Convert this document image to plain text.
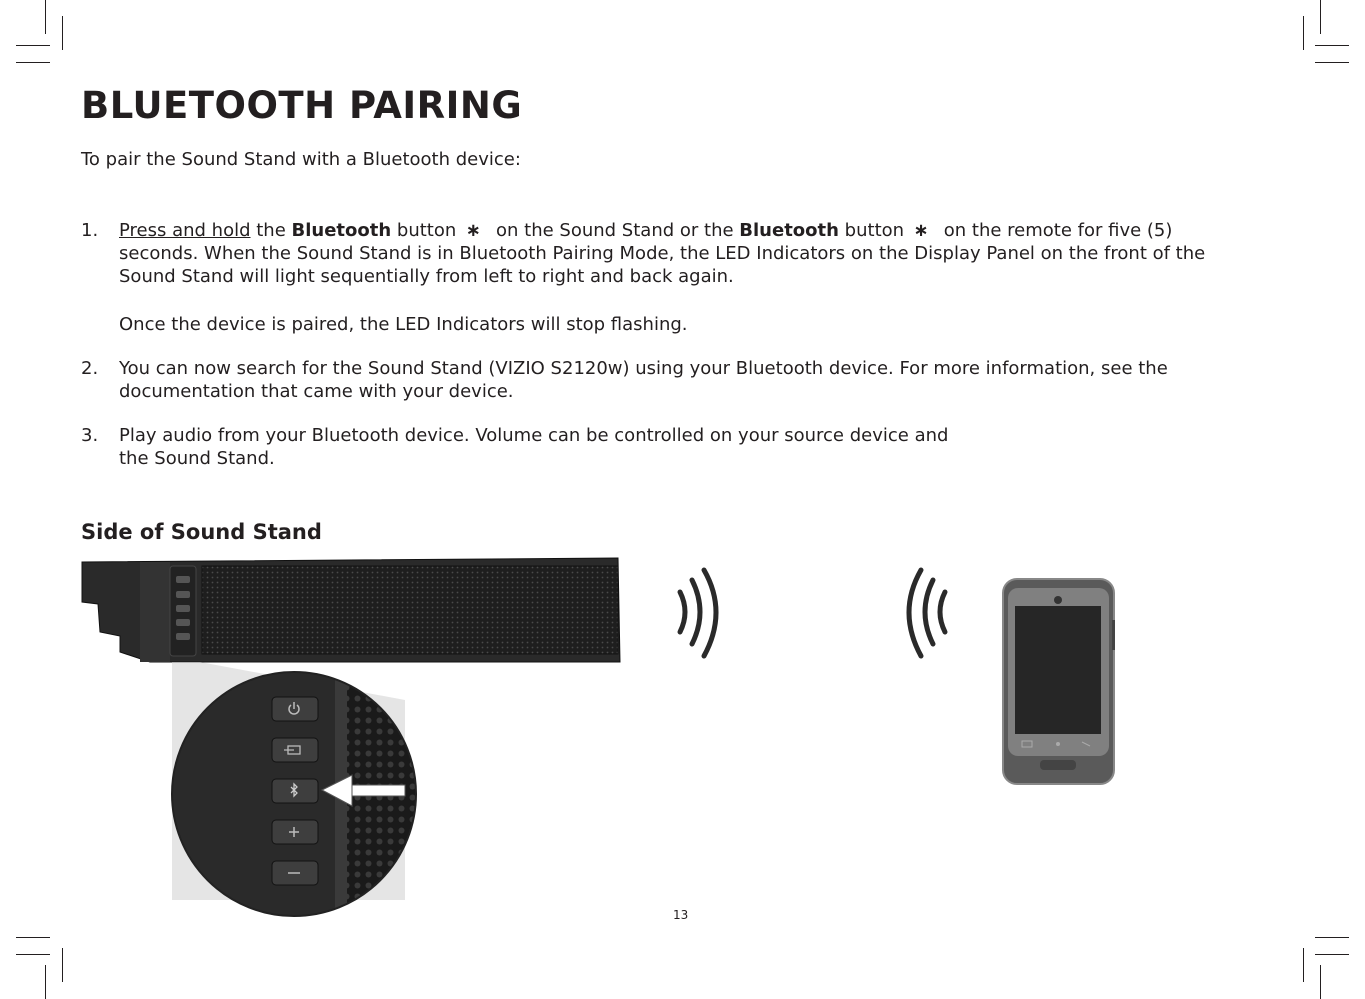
BLUETOOTH PAIRING
To pair the Sound Stand with a Bluetooth device:
1.	Press and hold the Bluetooth button ∗ on the Sound Stand or the Bluetooth button ∗ on the remote for five (5)

seconds. When the Sound Stand is in Bluetooth Pairing Mode, the LED Indicators on the Display Panel on the front of the

Sound Stand will light sequentially from left to right and back again.

Once the device is paired, the LED Indicators will stop flashing.

2.	You can now search for the Sound Stand (VIZIO S2120w) using your Bluetooth device. For more information, see the

documentation that came with your device.

3.	Play audio from your Bluetooth device. Volume can be controlled on your source device and

the Sound Stand.

Side of Sound Stand
13
